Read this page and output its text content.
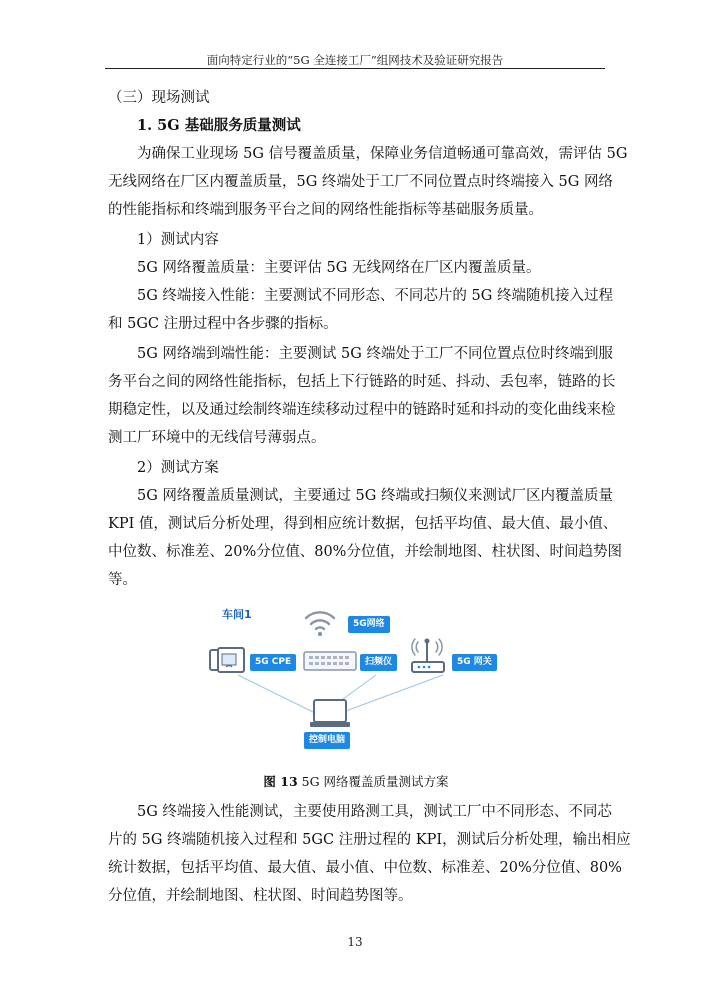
面向特定行业的“5G 全连接工厂”组网技术及验证研究报告
（三）现场测试
1. 5G 基础服务质量测试
为确保工业现场 5G 信号覆盖质量，保障业务信道畅通可靠高效，需评估 5G
无线网络在厂区内覆盖质量，5G 终端处于工厂不同位置点时终端接入 5G 网络
的性能指标和终端到服务平台之间的网络性能指标等基础服务质量。
1）测试内容
5G 网络覆盖质量：主要评估 5G 无线网络在厂区内覆盖质量。
5G 终端接入性能：主要测试不同形态、不同芯片的 5G 终端随机接入过程
和 5GC 注册过程中各步骤的指标。
5G 网络端到端性能：主要测试 5G 终端处于工厂不同位置点位时终端到服
务平台之间的网络性能指标，包括上下行链路的时延、抖动、丢包率，链路的长
期稳定性，以及通过绘制终端连续移动过程中的链路时延和抖动的变化曲线来检
测工厂环境中的无线信号薄弱点。
2）测试方案
5G 网络覆盖质量测试，主要通过 5G 终端或扫频仪来测试厂区内覆盖质量
KPI 值，测试后分析处理，得到相应统计数据，包括平均值、最大值、最小值、
中位数、标准差、20%分位值、80%分位值，并绘制地图、柱状图、时间趋势图
等。
车间1
5G网络
5G CPE	扫频仪	5G 网关
控制电脑
图 13 5G 网络覆盖质量测试方案
5G 终端接入性能测试，主要使用路测工具，测试工厂中不同形态、不同芯
片的 5G 终端随机接入过程和 5GC 注册过程的 KPI，测试后分析处理，输出相应
统计数据，包括平均值、最大值、最小值、中位数、标准差、20%分位值、80%
分位值，并绘制地图、柱状图、时间趋势图等。
13
